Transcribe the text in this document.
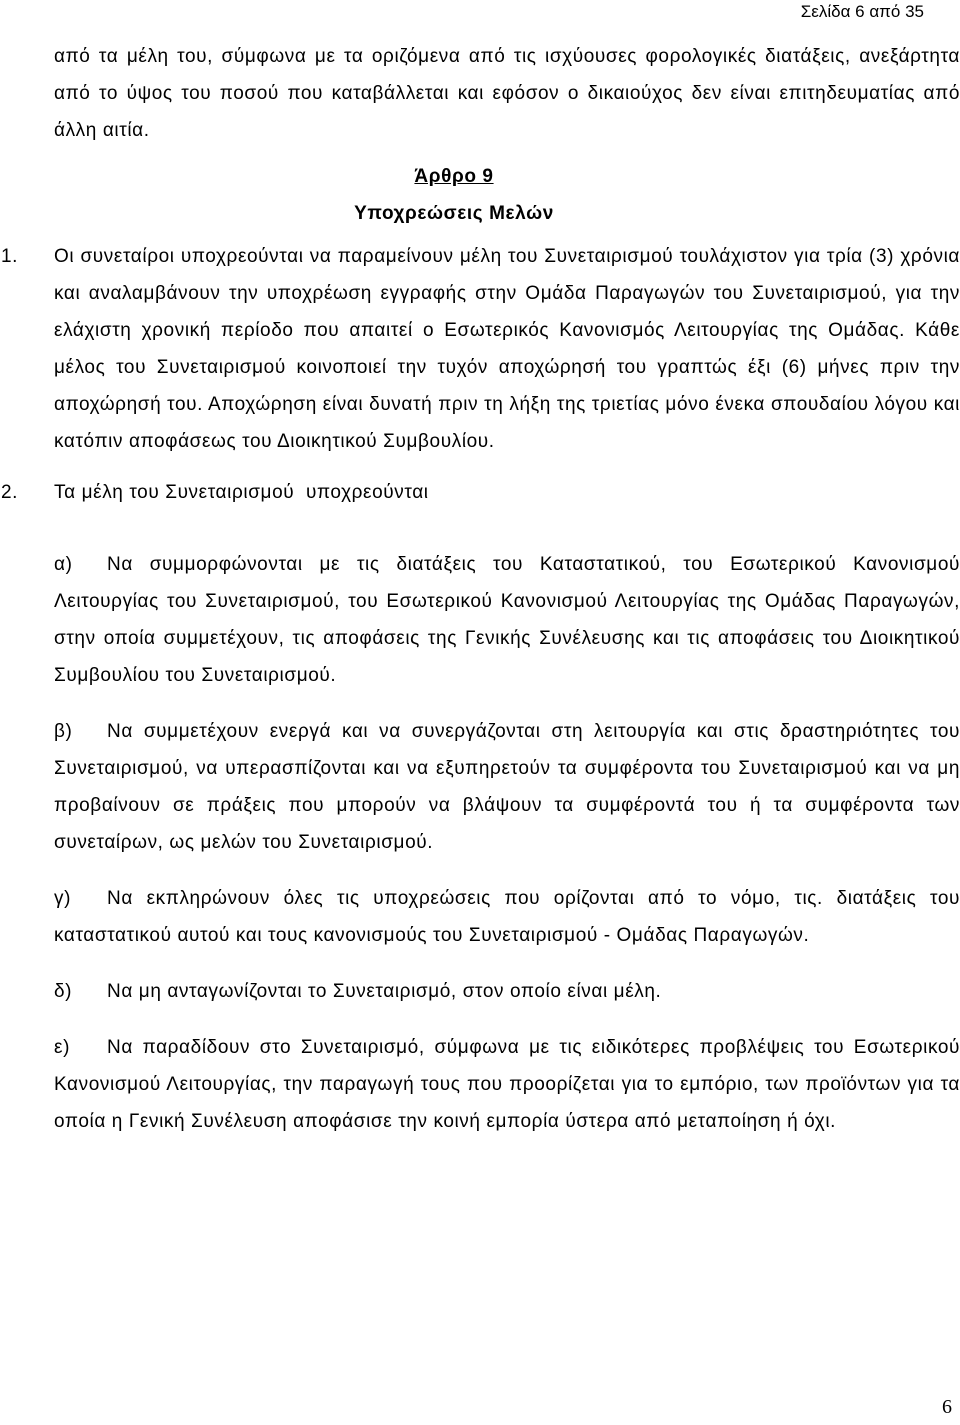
Σελίδα 6 από 35

από τα μέλη του, σύμφωνα με τα οριζόμενα από τις ισχύουσες φορολογικές διατάξεις, ανεξάρτητα από το ύψος του ποσού που καταβάλλεται και εφόσον ο δικαιούχος δεν είναι επιτηδευματίας από άλλη αιτία.

Άρθρο 9

Υποχρεώσεις Μελών

1. Οι συνεταίροι υποχρεούνται να παραμείνουν μέλη του Συνεταιρισμού τουλάχιστον για τρία (3) χρόνια και αναλαμβάνουν την υποχρέωση εγγραφής στην Ομάδα Παραγωγών του Συνεταιρισμού, για την ελάχιστη χρονική περίοδο που απαιτεί ο Εσωτερικός Κανονισμός Λειτουργίας της Ομάδας. Κάθε μέλος του Συνεταιρισμού κοινοποιεί την τυχόν αποχώρησή του γραπτώς έξι (6) μήνες πριν την αποχώρησή του. Αποχώρηση είναι δυνατή πριν τη λήξη της τριετίας μόνο ένεκα σπουδαίου λόγου και κατόπιν αποφάσεως του Διοικητικού Συμβουλίου.

2. Τα μέλη του Συνεταιρισμού  υποχρεούνται

α) Να συμμορφώνονται με τις διατάξεις του Καταστατικού, του Εσωτερικού Κανονισμού Λειτουργίας του Συνεταιρισμού, του Εσωτερικού Κανονισμού Λειτουργίας της Ομάδας Παραγωγών, στην οποία συμμετέχουν, τις αποφάσεις της Γενικής Συνέλευσης και τις αποφάσεις του Διοικητικού Συμβουλίου του Συνεταιρισμού.

β) Να συμμετέχουν ενεργά και να συνεργάζονται στη λειτουργία και στις δραστηριότητες του Συνεταιρισμού, να υπερασπίζονται και να εξυπηρετούν τα συμφέροντα του Συνεταιρισμού και να μη προβαίνουν σε πράξεις που μπορούν να βλάψουν τα συμφέροντά του ή τα συμφέροντα των συνεταίρων, ως μελών του Συνεταιρισμού.

γ) Να εκπληρώνουν όλες τις υποχρεώσεις που ορίζονται από το νόμο, τις. διατάξεις του καταστατικού αυτού και τους κανονισμούς του Συνεταιρισμού - Ομάδας Παραγωγών.

δ) Να μη ανταγωνίζονται το Συνεταιρισμό, στον οποίο είναι μέλη.

ε) Να παραδίδουν στο Συνεταιρισμό, σύμφωνα με τις ειδικότερες προβλέψεις του Εσωτερικού Κανονισμού Λειτουργίας, την παραγωγή τους που προορίζεται για το εμπόριο, των προϊόντων για τα οποία η Γενική Συνέλευση αποφάσισε την κοινή εμπορία ύστερα από μεταποίηση ή όχι.

6
